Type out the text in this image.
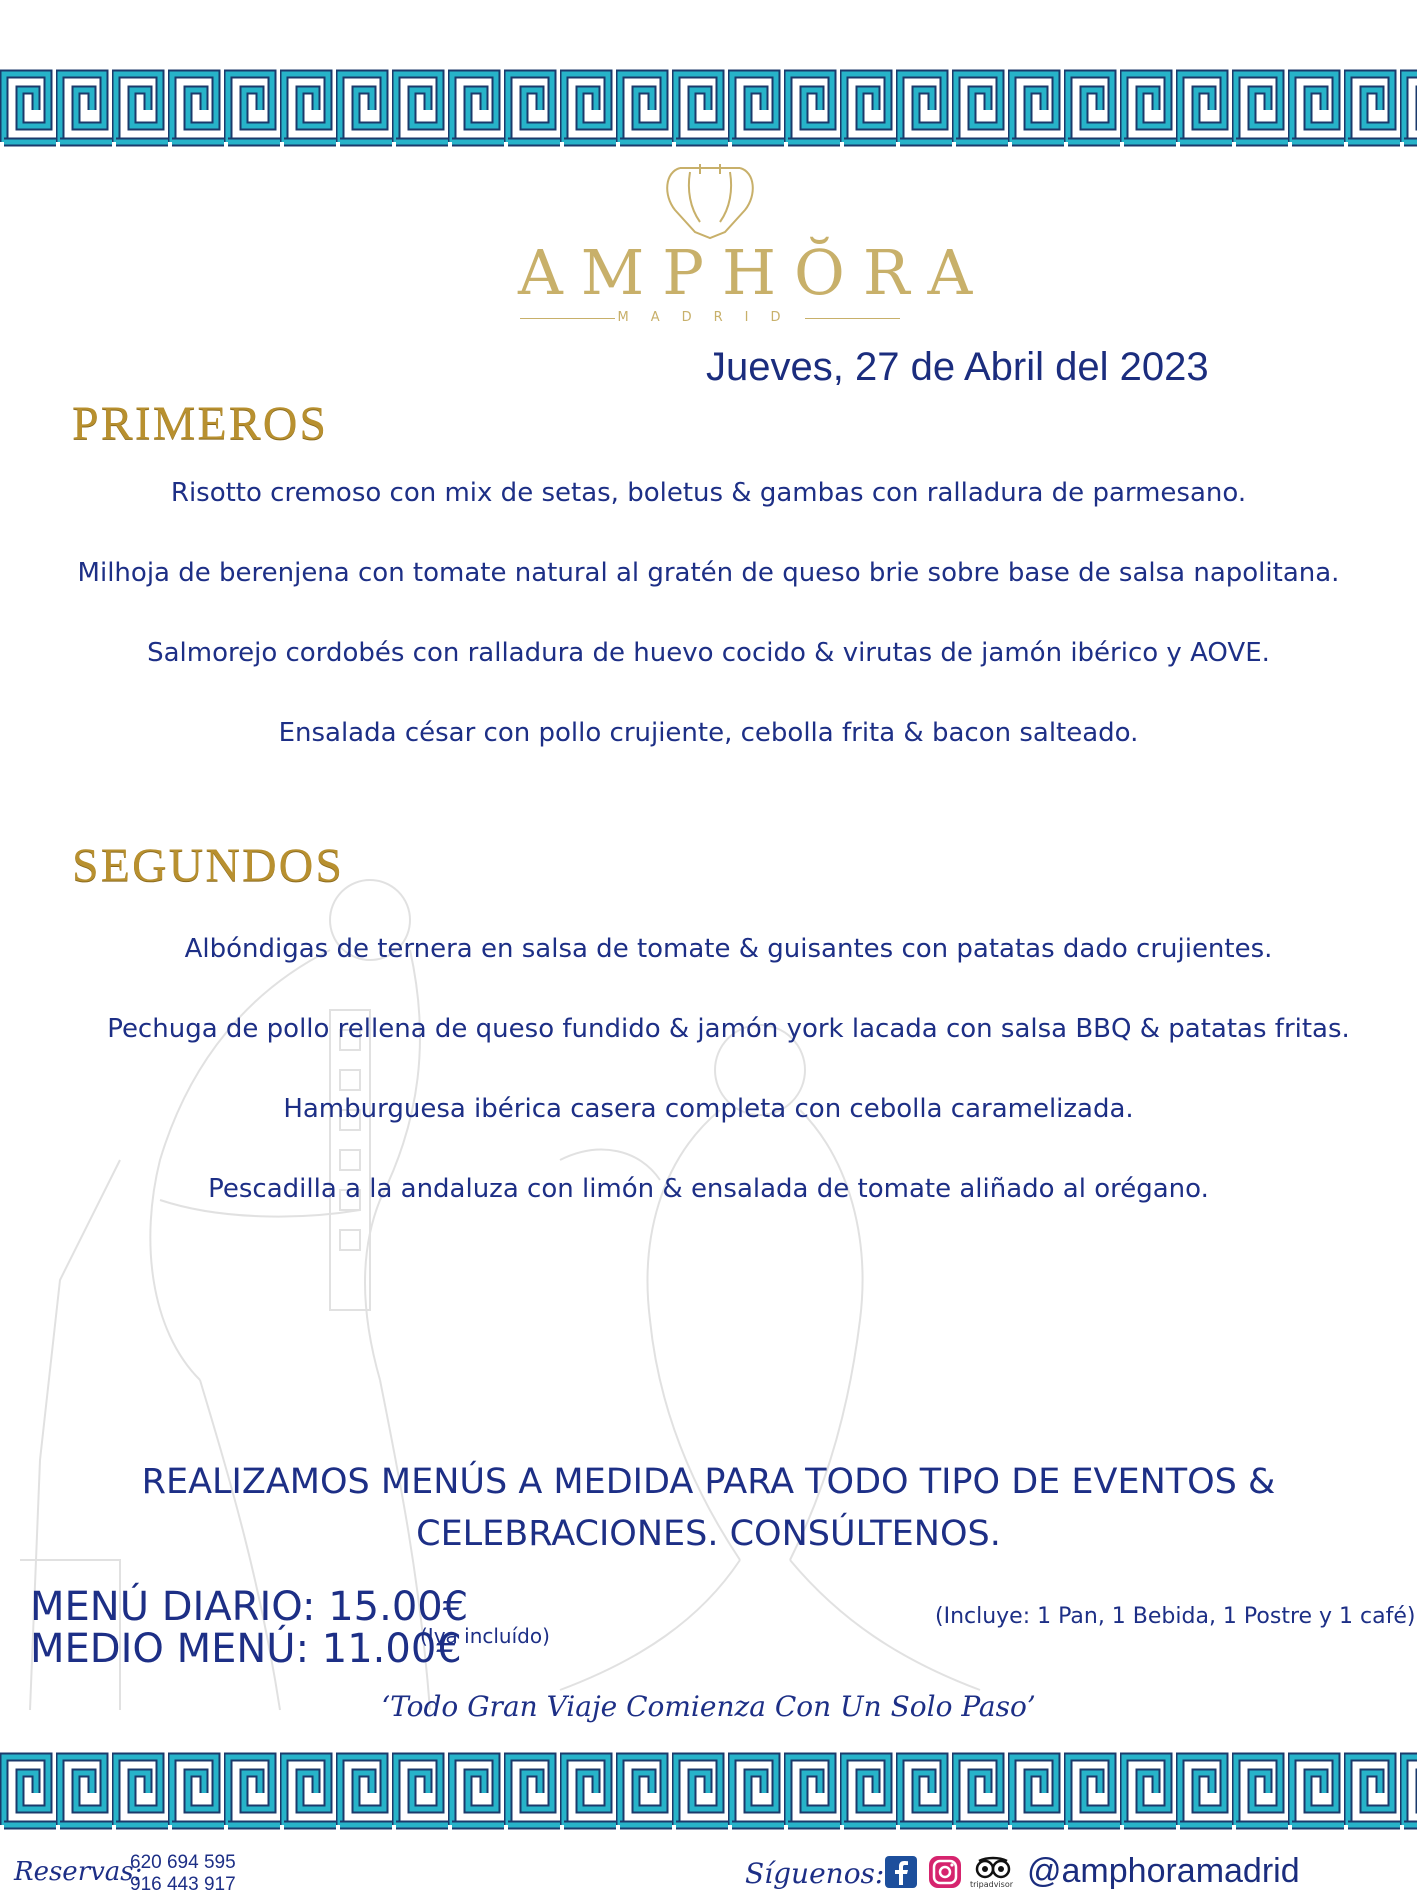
AMPHŎRA
MADRID
Jueves, 27 de Abril del 2023
PRIMEROS
Risotto cremoso con mix de setas, boletus & gambas con ralladura de parmesano.
Milhoja de berenjena con tomate natural al gratén de queso brie sobre base de salsa napolitana.
Salmorejo cordobés con ralladura de huevo cocido & virutas de jamón ibérico y AOVE.
Ensalada césar con pollo crujiente, cebolla frita & bacon salteado.
SEGUNDOS
Albóndigas de ternera en salsa de tomate & guisantes con patatas dado crujientes.
Pechuga de pollo rellena de queso fundido & jamón york lacada con salsa BBQ & patatas fritas.
Hamburguesa ibérica casera completa con cebolla caramelizada.
Pescadilla a la andaluza con limón & ensalada de tomate aliñado al orégano.
REALIZAMOS MENÚS A MEDIDA PARA TODO TIPO DE EVENTOS &
CELEBRACIONES. CONSÚLTENOS.
MENÚ DIARIO: 15.00€
MEDIO MENÚ: 11.00€
(Iva incluído)
(Incluye: 1 Pan, 1 Bebida, 1 Postre y 1 café)
‘Todo Gran Viaje Comienza Con Un Solo Paso’
Reservas:
620 694 595
916 443 917	Síguenos:	tripadvisor @amphoramadrid
